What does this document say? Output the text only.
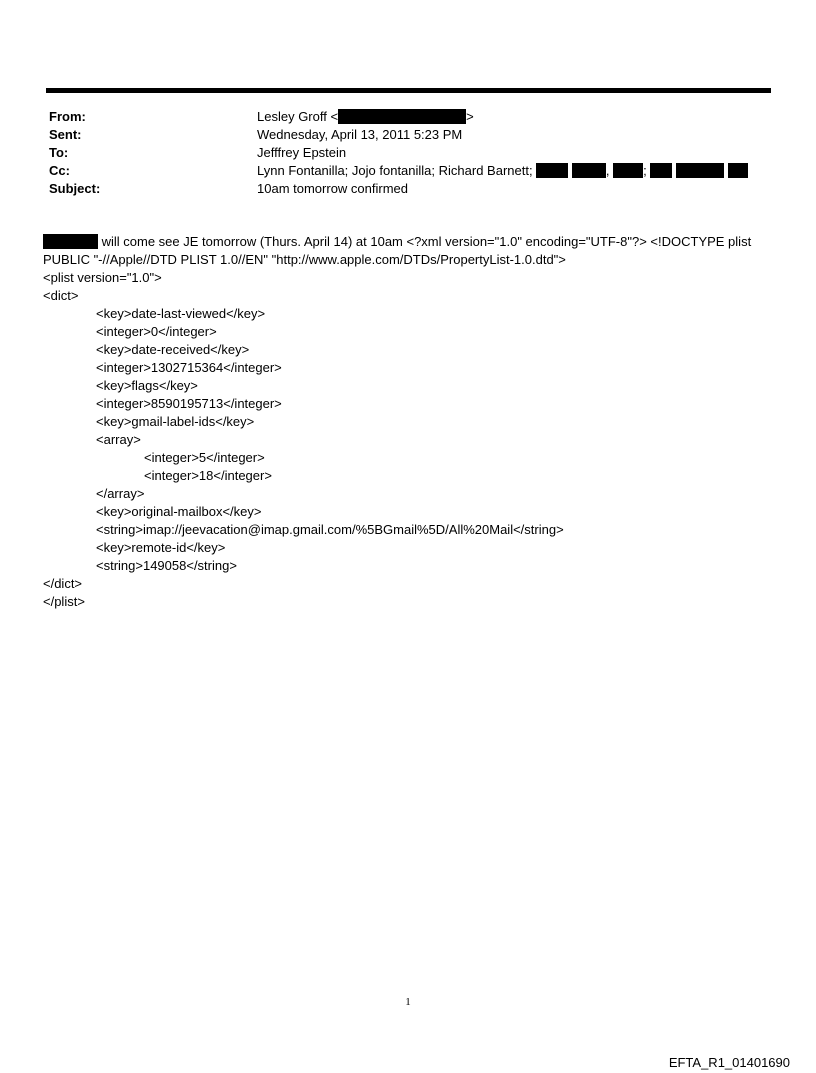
From:	Lesley Groff <	>
Sent:	Wednesday, April 13, 2011 5:23 PM
To:	Jefffrey Epstein
Cc:	Lynn Fontanilla; Jojo fontanilla; Richard Barnett;	,	;
Subject:	10am tomorrow confirmed
will come see JE tomorrow (Thurs. April 14) at 10am <?xml version="1.0" encoding="UTF-8"?> <!DOCTYPE plist PUBLIC "-//Apple//DTD PLIST 1.0//EN" "http://www.apple.com/DTDs/PropertyList-1.0.dtd">
<plist version="1.0">
<dict>
<key>date-last-viewed</key>
<integer>0</integer>
<key>date-received</key>
<integer>1302715364</integer>
<key>flags</key>
<integer>8590195713</integer>
<key>gmail-label-ids</key>
<array>
<integer>5</integer>
<integer>18</integer>
</array>
<key>original-mailbox</key>
<string>imap://jeevacation@imap.gmail.com/%5BGmail%5D/All%20Mail</string>
<key>remote-id</key>
<string>149058</string>
</dict>
</plist>
1
EFTA_R1_01401690
